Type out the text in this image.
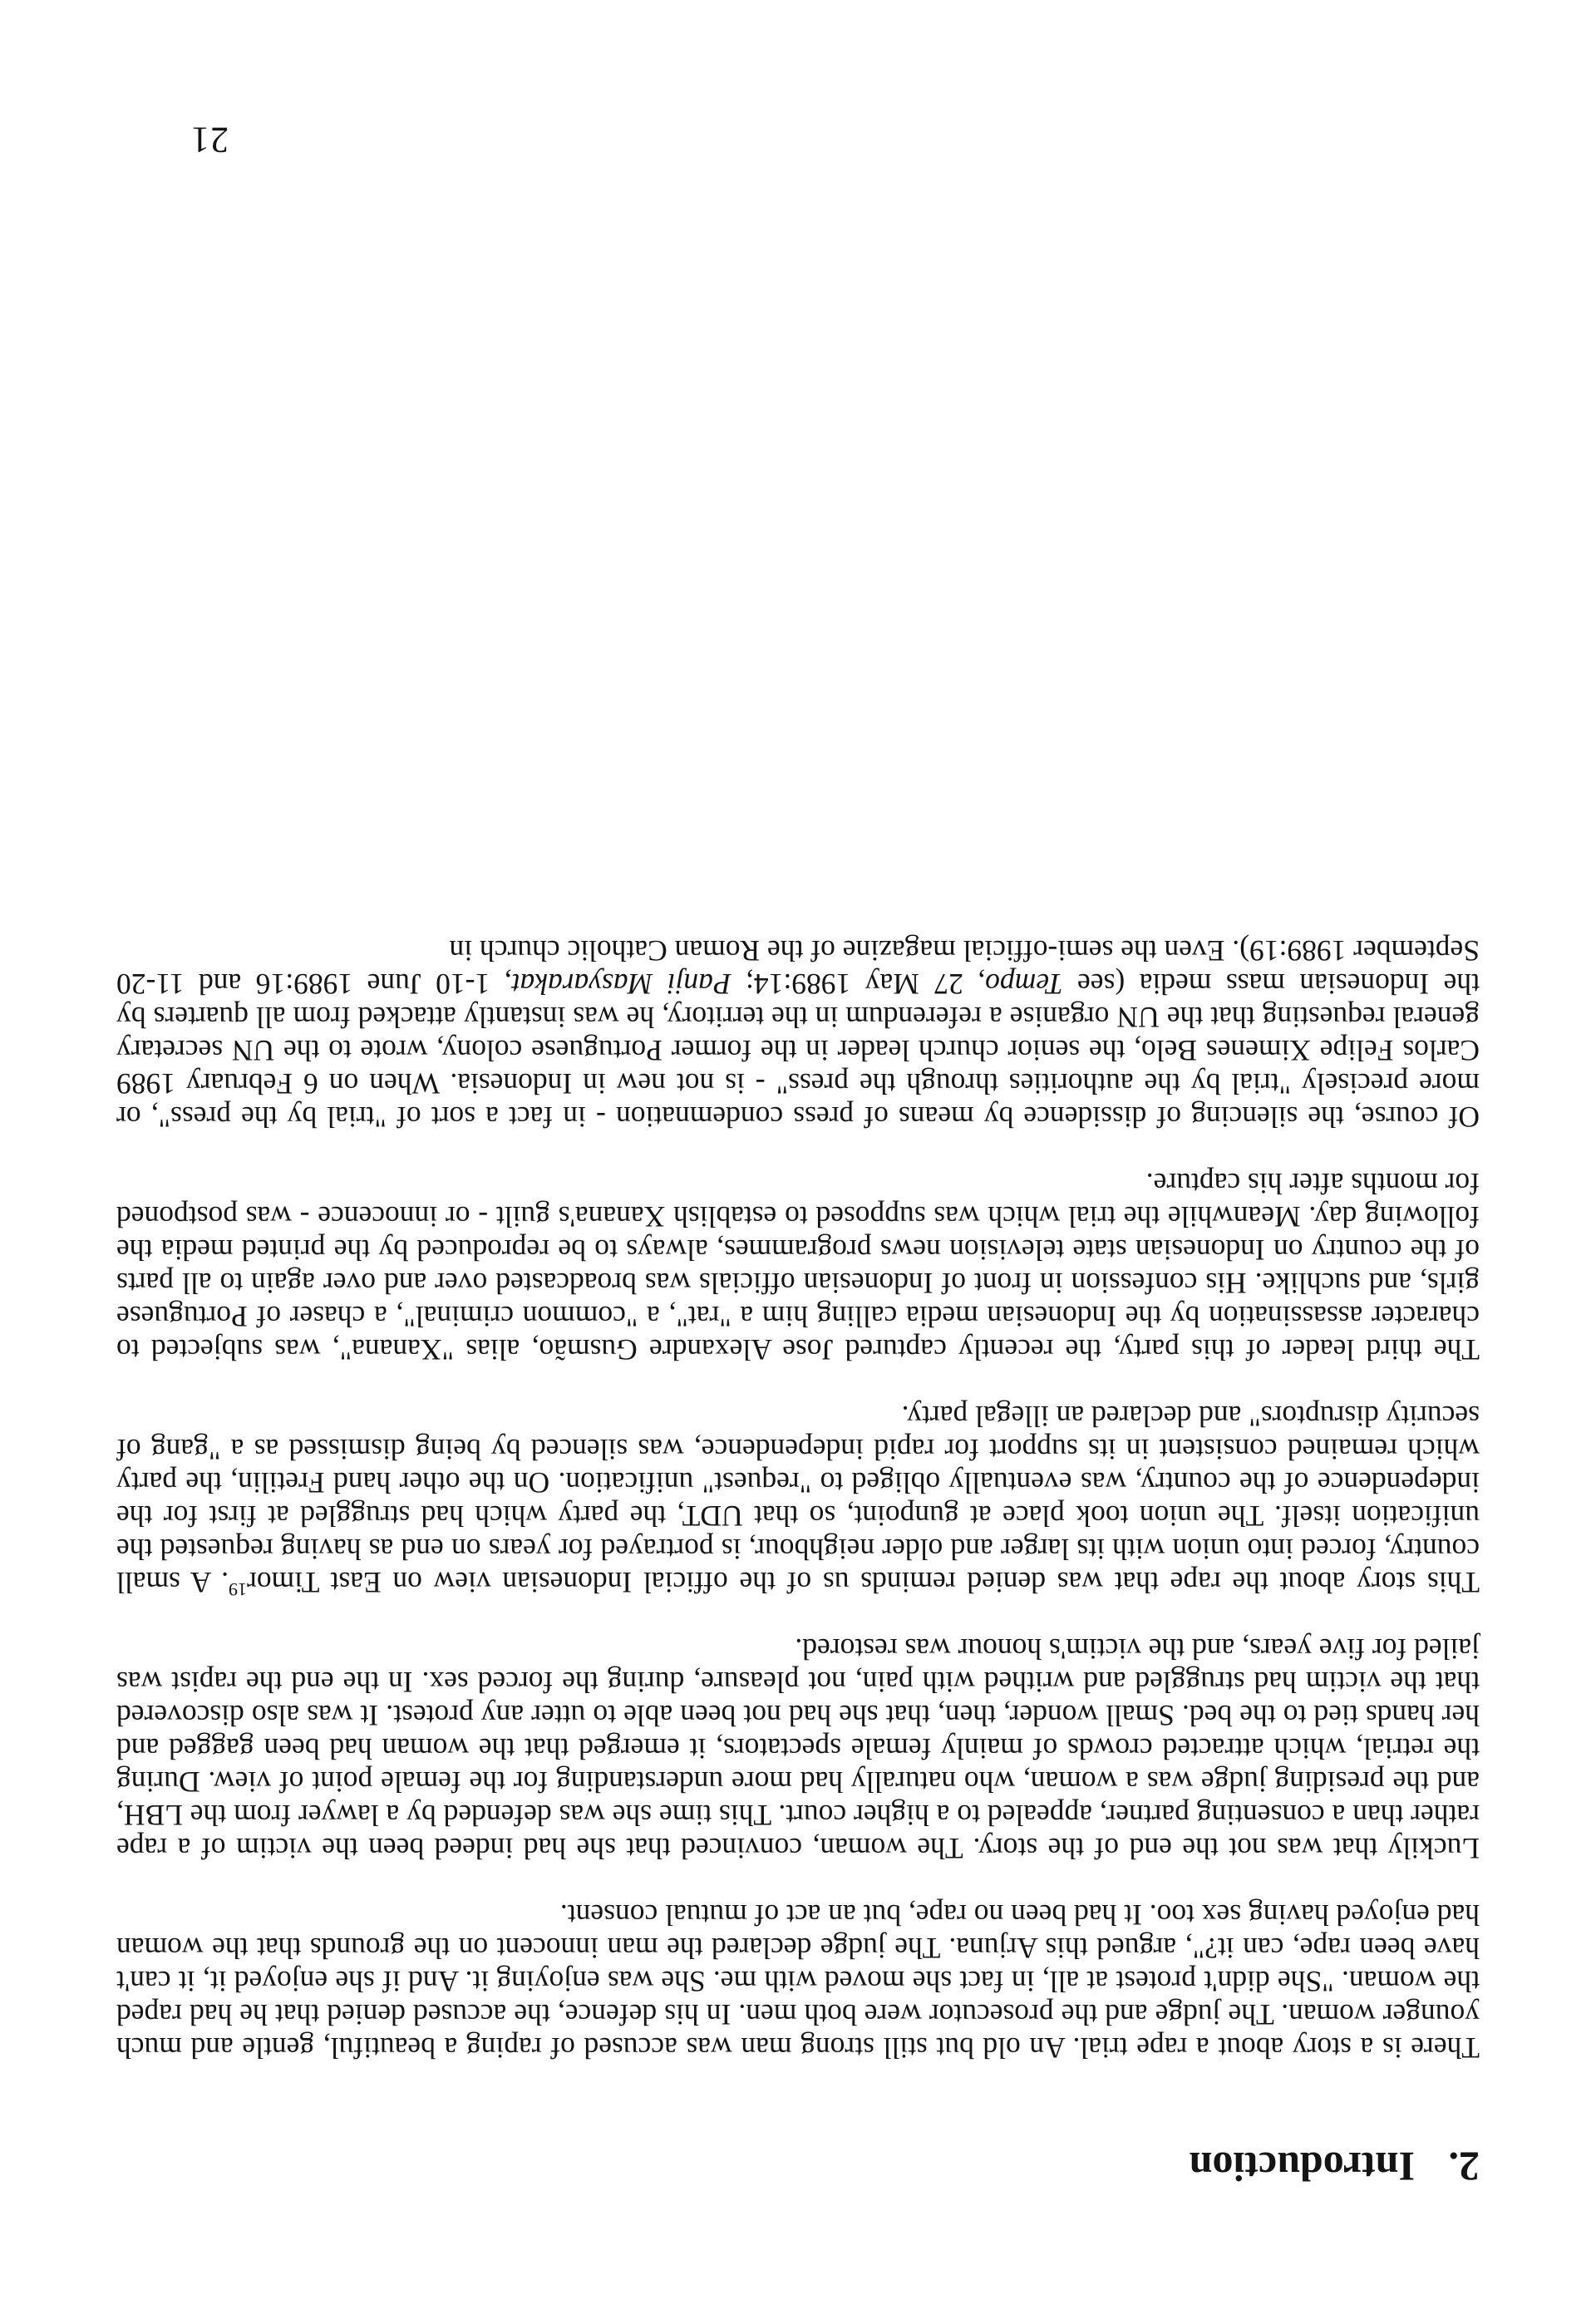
2.Introduction

There is a story about a rape trial. An old but still strong man was accused of raping a beautiful, gentle and much younger woman. The judge and the prosecutor were both men. In his defence, the accused denied that he had raped the woman. "She didn't protest at all, in fact she moved with me. She was enjoying it. And if she enjoyed it, it can't have been rape, can it?", argued this Arjuna. The judge declared the man innocent on the grounds that the woman had enjoyed having sex too. It had been no rape, but an act of mutual consent.

Luckily that was not the end of the story. The woman, convinced that she had indeed been the victim of a rape rather than a consenting partner, appealed to a higher court. This time she was defended by a lawyer from the LBH, and the presiding judge was a woman, who naturally had more understanding for the female point of view. During the retrial, which attracted crowds of mainly female spectators, it emerged that the woman had been gagged and her hands tied to the bed. Small wonder, then, that she had not been able to utter any protest. It was also discovered that the victim had struggled and writhed with pain, not pleasure, during the forced sex. In the end the rapist was jailed for five years, and the victim's honour was restored.

This story about the rape that was denied reminds us of the official Indonesian view on East Timor$^{19}$. A small country, forced into union with its larger and older neighbour, is portrayed for years on end as having requested the unification itself. The union took place at gunpoint, so that UDT, the party which had struggled at first for the independence of the country, was eventually obliged to "request" unification. On the other hand Fretilin, the party which remained consistent in its support for rapid independence, was silenced by being dismissed as a "gang of security disruptors" and declared an illegal party.

The third leader of this party, the recently captured Jose Alexandre Gusmão, alias "Xanana", was subjected to character assassination by the Indonesian media calling him a "rat", a "common criminal", a chaser of Portuguese girls, and suchlike. His confession in front of Indonesian officials was broadcasted over and over again to all parts of the country on Indonesian state television news programmes, always to be reproduced by the printed media the following day. Meanwhile the trial which was supposed to establish Xanana's guilt - or innocence - was postponed for months after his capture.

Of course, the silencing of dissidence by means of press condemnation - in fact a sort of "trial by the press", or more precisely "trial by the authorities through the press" - is not new in Indonesia. When on 6 February 1989 Carlos Felipe Ximenes Belo, the senior church leader in the former Portuguese colony, wrote to the UN secretary general requesting that the UN organise a referendum in the territory, he was instantly attacked from all quarters by the Indonesian mass media (see Tempo, 27 May 1989:14; Panji Masyarakat, 1-10 June 1989:16 and 11-20 September 1989:19). Even the semi-official magazine of the Roman Catholic church in

21
